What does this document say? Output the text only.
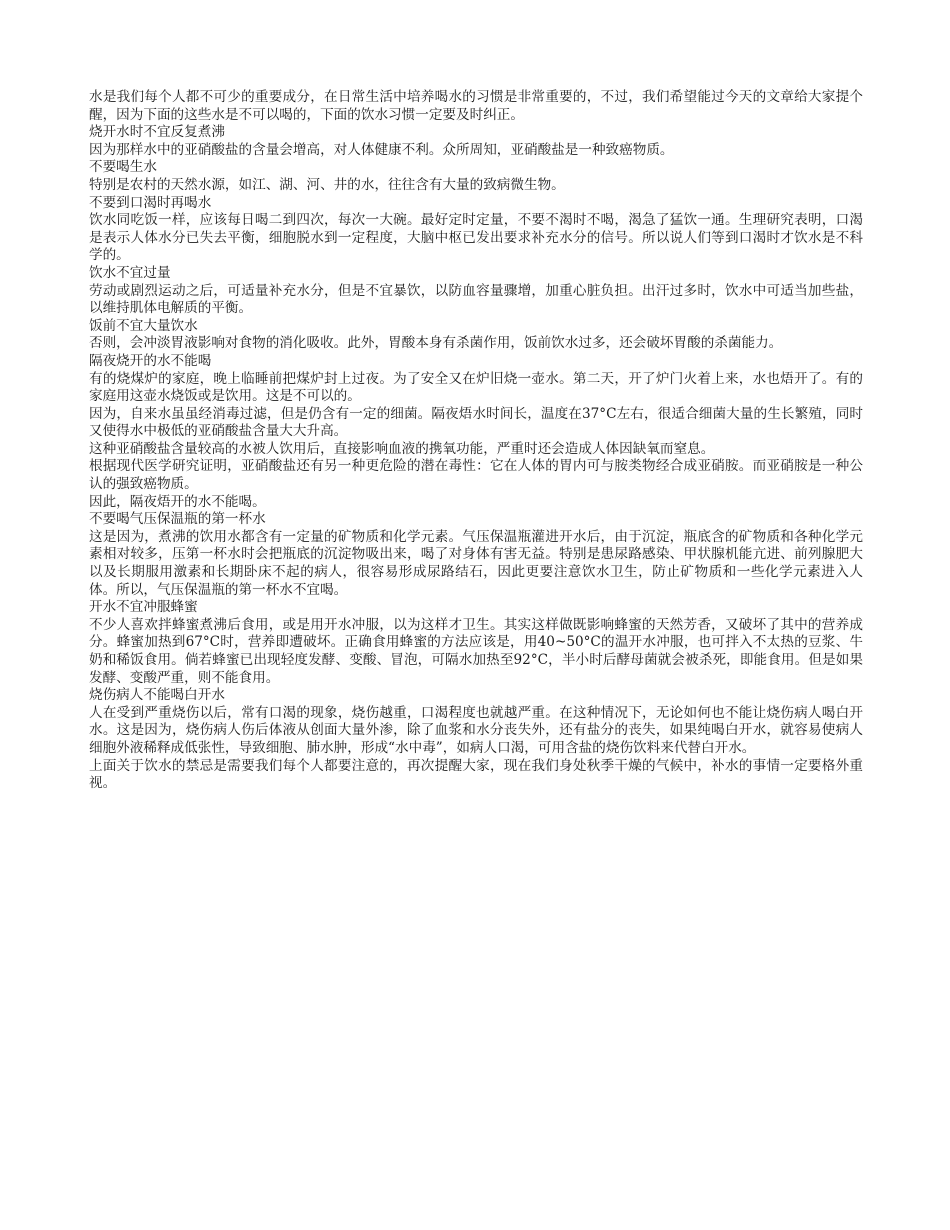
水是我们每个人都不可少的重要成分，在日常生活中培养喝水的习惯是非常重要的，不过，我们希望能过今天的文章给大家提个醒，因为下面的这些水是不可以喝的，下面的饮水习惯一定要及时纠正。

烧开水时不宜反复煮沸

因为那样水中的亚硝酸盐的含量会增高，对人体健康不利。众所周知，亚硝酸盐是一种致癌物质。

不要喝生水

特别是农村的天然水源，如江、湖、河、井的水，往往含有大量的致病微生物。

不要到口渴时再喝水

饮水同吃饭一样，应该每日喝二到四次，每次一大碗。最好定时定量，不要不渴时不喝，渴急了猛饮一通。生理研究表明，口渴是表示人体水分已失去平衡，细胞脱水到一定程度，大脑中枢已发出要求补充水分的信号。所以说人们等到口渴时才饮水是不科学的。

饮水不宜过量

劳动或剧烈运动之后，可适量补充水分，但是不宜暴饮，以防血容量骤增，加重心脏负担。出汗过多时，饮水中可适当加些盐，以维持肌体电解质的平衡。

饭前不宜大量饮水

否则，会冲淡胃液影响对食物的消化吸收。此外，胃酸本身有杀菌作用，饭前饮水过多，还会破坏胃酸的杀菌能力。

隔夜烧开的水不能喝

有的烧煤炉的家庭，晚上临睡前把煤炉封上过夜。为了安全又在炉旧烧一壶水。第二天，开了炉门火着上来，水也焐开了。有的家庭用这壶水烧饭或是饮用。这是不可以的。

因为，自来水虽虽经消毒过滤，但是仍含有一定的细菌。隔夜焐水时间长，温度在37°C左右，很适合细菌大量的生长繁殖，同时又使得水中极低的亚硝酸盐含量大大升高。

这种亚硝酸盐含量较高的水被人饮用后，直接影响血液的携氧功能，严重时还会造成人体因缺氧而窒息。

根据现代医学研究证明，亚硝酸盐还有另一种更危险的潜在毒性：它在人体的胃内可与胺类物经合成亚硝胺。而亚硝胺是一种公认的强致癌物质。

因此，隔夜焐开的水不能喝。

不要喝气压保温瓶的第一杯水

这是因为，煮沸的饮用水都含有一定量的矿物质和化学元素。气压保温瓶灌进开水后，由于沉淀，瓶底含的矿物质和各种化学元素相对较多，压第一杯水时会把瓶底的沉淀物吸出来，喝了对身体有害无益。特别是患尿路感染、甲状腺机能亢进、前列腺肥大以及长期服用激素和长期卧床不起的病人，很容易形成尿路结石，因此更要注意饮水卫生，防止矿物质和一些化学元素进入人体。所以，气压保温瓶的第一杯水不宜喝。

开水不宜冲服蜂蜜

不少人喜欢拌蜂蜜煮沸后食用，或是用开水冲服，以为这样才卫生。其实这样做既影响蜂蜜的天然芳香，又破坏了其中的营养成分。蜂蜜加热到67°C时，营养即遭破坏。正确食用蜂蜜的方法应该是，用40~50°C的温开水冲服，也可拌入不太热的豆浆、牛奶和稀饭食用。倘若蜂蜜已出现轻度发酵、变酸、冒泡，可隔水加热至92°C，半小时后酵母菌就会被杀死，即能食用。但是如果发酵、变酸严重，则不能食用。

烧伤病人不能喝白开水

人在受到严重烧伤以后，常有口渴的现象，烧伤越重，口渴程度也就越严重。在这种情况下，无论如何也不能让烧伤病人喝白开水。这是因为，烧伤病人伤后体液从创面大量外渗，除了血浆和水分丧失外，还有盐分的丧失，如果纯喝白开水，就容易使病人细胞外液稀释成低张性，导致细胞、肺水肿，形成“水中毒”，如病人口渴，可用含盐的烧伤饮料来代替白开水。

上面关于饮水的禁忌是需要我们每个人都要注意的，再次提醒大家，现在我们身处秋季干燥的气候中，补水的事情一定要格外重视。
